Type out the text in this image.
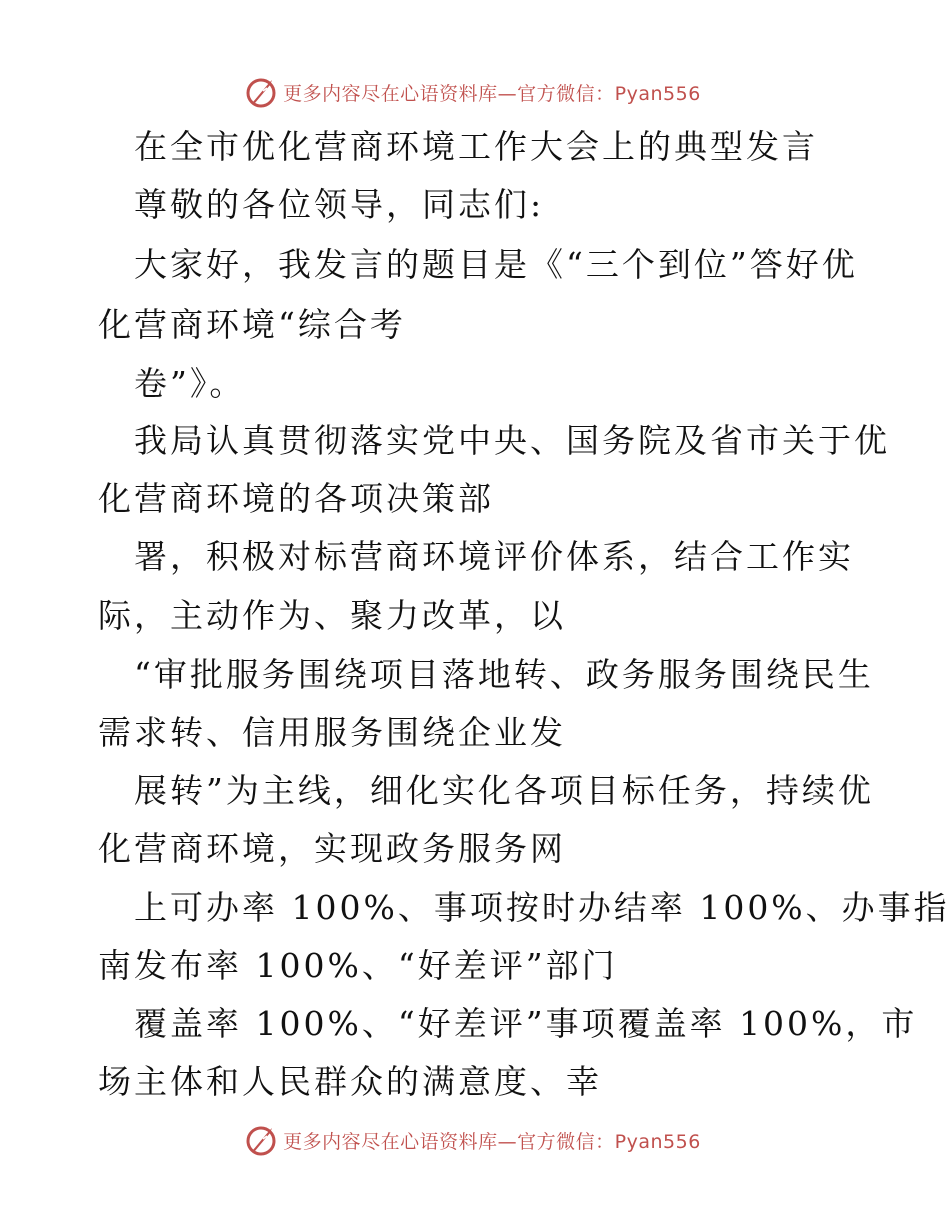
更多内容尽在心语资料库—官方微信：Pyan556
在全市优化营商环境工作大会上的典型发言
尊敬的各位领导，同志们:
大家好，我发言的题目是《“三个到位”答好优
化营商环境“综合考
卷”》。
我局认真贯彻落实党中央、国务院及省市关于优
化营商环境的各项决策部
署，积极对标营商环境评价体系，结合工作实
际，主动作为、聚力改革，以
“审批服务围绕项目落地转、政务服务围绕民生
需求转、信用服务围绕企业发
展转”为主线，细化实化各项目标任务，持续优
化营商环境，实现政务服务网
上可办率 100%、事项按时办结率 100%、办事指
南发布率 100%、“好差评”部门
覆盖率 100%、“好差评”事项覆盖率 100%，市
场主体和人民群众的满意度、幸
更多内容尽在心语资料库—官方微信：Pyan556
